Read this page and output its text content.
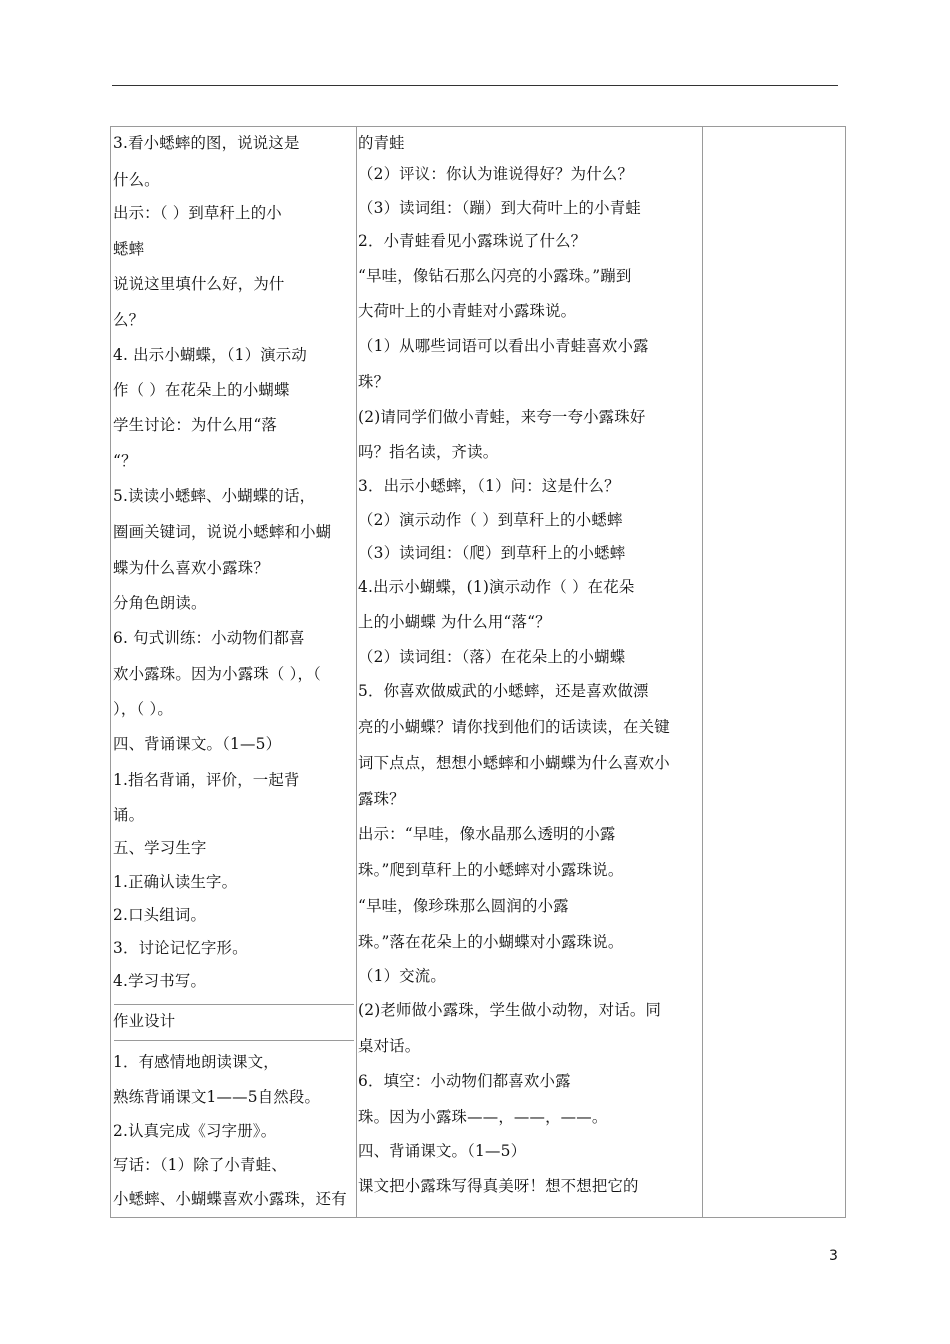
3.看小蟋蟀的图，说说这是
什么。
出示：（ ）到草秆上的小
蟋蟀
说说这里填什么好，为什
么？
4. 出示小蝴蝶，（1）演示动
作（ ）在花朵上的小蝴蝶
学生讨论：为什么用“落
“？
5.读读小蟋蟀、小蝴蝶的话，
圈画关键词，说说小蟋蟀和小蝴
蝶为什么喜欢小露珠？
分角色朗读。
6. 句式训练：小动物们都喜
欢小露珠。因为小露珠（ ），（
），（ ）。
四、背诵课文。（1—5）
1.指名背诵，评价，一起背
诵。
五、学习生字
1.正确认读生字。
2.口头组词。
3．讨论记忆字形。
4.学习书写。
作业设计
1．有感情地朗读课文，
熟练背诵课文1——5自然段。
2.认真完成《习字册》。
写话：（1）除了小青蛙、
小蟋蟀、小蝴蝶喜欢小露珠，还有
的青蛙
（2）评议：你认为谁说得好？为什么？
（3）读词组：（蹦）到大荷叶上的小青蛙
2．小青蛙看见小露珠说了什么？
“早哇，像钻石那么闪亮的小露珠。”蹦到
大荷叶上的小青蛙对小露珠说。
（1）从哪些词语可以看出小青蛙喜欢小露
珠？
(2)请同学们做小青蛙，来夸一夸小露珠好
吗？指名读，齐读。
3．出示小蟋蟀，（1）问：这是什么？
（2）演示动作（ ）到草秆上的小蟋蟀
（3）读词组：（爬）到草秆上的小蟋蟀
4.出示小蝴蝶，(1)演示动作（ ）在花朵
上的小蝴蝶 为什么用“落“？
（2）读词组：（落）在花朵上的小蝴蝶
5．你喜欢做威武的小蟋蟀，还是喜欢做漂
亮的小蝴蝶？请你找到他们的话读读，在关键
词下点点，想想小蟋蟀和小蝴蝶为什么喜欢小
露珠？
出示：“早哇，像水晶那么透明的小露
珠。”爬到草秆上的小蟋蟀对小露珠说。
“早哇，像珍珠那么圆润的小露
珠。”落在花朵上的小蝴蝶对小露珠说。
（1）交流。
(2)老师做小露珠，学生做小动物，对话。同
桌对话。
6．填空：小动物们都喜欢小露
珠。因为小露珠——，——，——。
四、背诵课文。（1—5）
课文把小露珠写得真美呀！想不想把它的
3
